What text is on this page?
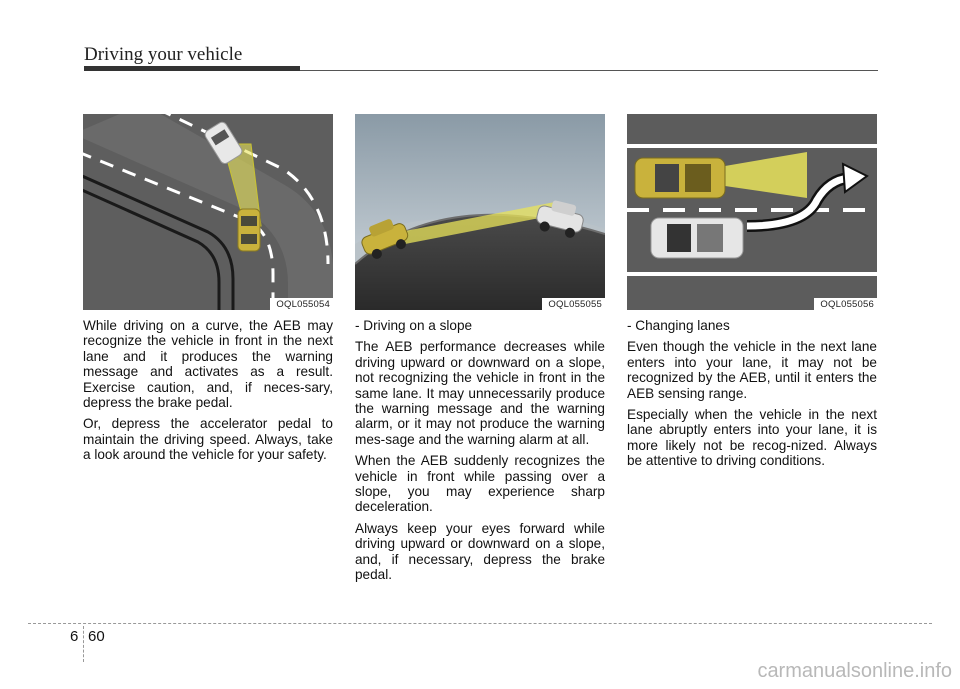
Driving your vehicle
OQL055054

While driving on a curve, the AEB may recognize the vehicle in front in the next lane and it produces the warning message and activates as a result. Exercise caution, and, if neces-sary, depress the brake pedal.

Or, depress the accelerator pedal to maintain the driving speed. Always, take a look around the vehicle for your safety.

OQL055055

- Driving on a slope

The AEB performance decreases while driving upward or downward on a slope, not recognizing the vehicle in front in the same lane. It may unnecessarily produce the warning message and the warning alarm, or it may not produce the warning mes-sage and the warning alarm at all.

When the AEB suddenly recognizes the vehicle in front while passing over a slope, you may experience sharp deceleration.

Always keep your eyes forward while driving upward or downward on a slope, and, if necessary, depress the brake pedal.

OQL055056

- Changing lanes

Even though the vehicle in the next lane enters into your lane, it may not be recognized by the AEB, until it enters the AEB sensing range.

Especially when the vehicle in the next lane abruptly enters into your lane, it is more likely not be recog-nized. Always be attentive to driving conditions.

6 60
carmanualsonline.info
